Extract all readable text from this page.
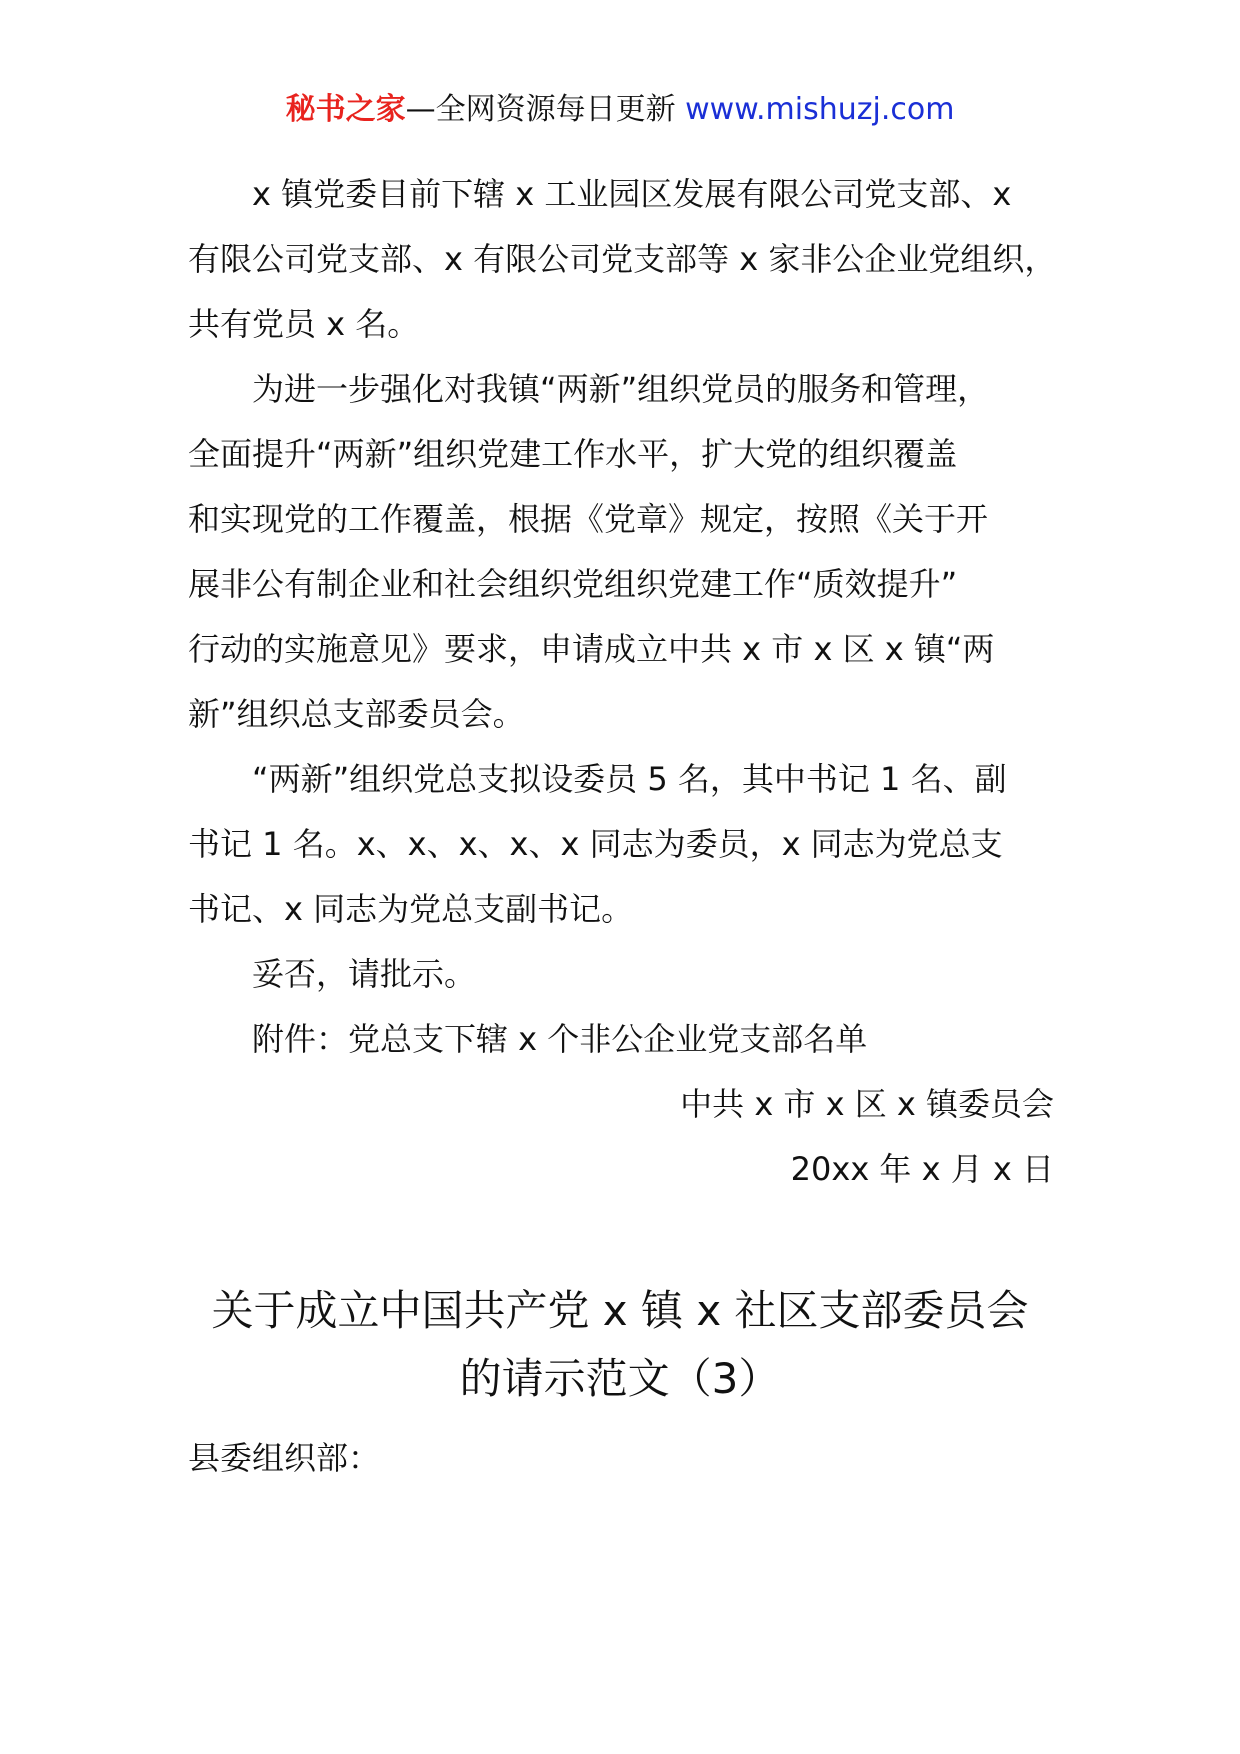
秘书之家—全网资源每日更新 www.mishuzj.com

x 镇党委目前下辖 x 工业园区发展有限公司党支部、x
有限公司党支部、x 有限公司党支部等 x 家非公企业党组织，
共有党员 x 名。

为进一步强化对我镇“两新”组织党员的服务和管理，
全面提升“两新”组织党建工作水平，扩大党的组织覆盖
和实现党的工作覆盖，根据《党章》规定，按照《关于开
展非公有制企业和社会组织党组织党建工作“质效提升”
行动的实施意见》要求，申请成立中共 x 市 x 区 x 镇“两
新”组织总支部委员会。

“两新”组织党总支拟设委员 5 名，其中书记 1 名、副
书记 1 名。x、x、x、x、x 同志为委员，x 同志为党总支
书记、x 同志为党总支副书记。

妥否，请批示。

附件：党总支下辖 x 个非公企业党支部名单

中共 x 市 x 区 x 镇委员会

20xx 年 x 月 x 日

关于成立中国共产党 x 镇 x 社区支部委员会
的请示范文（3）
县委组织部：
